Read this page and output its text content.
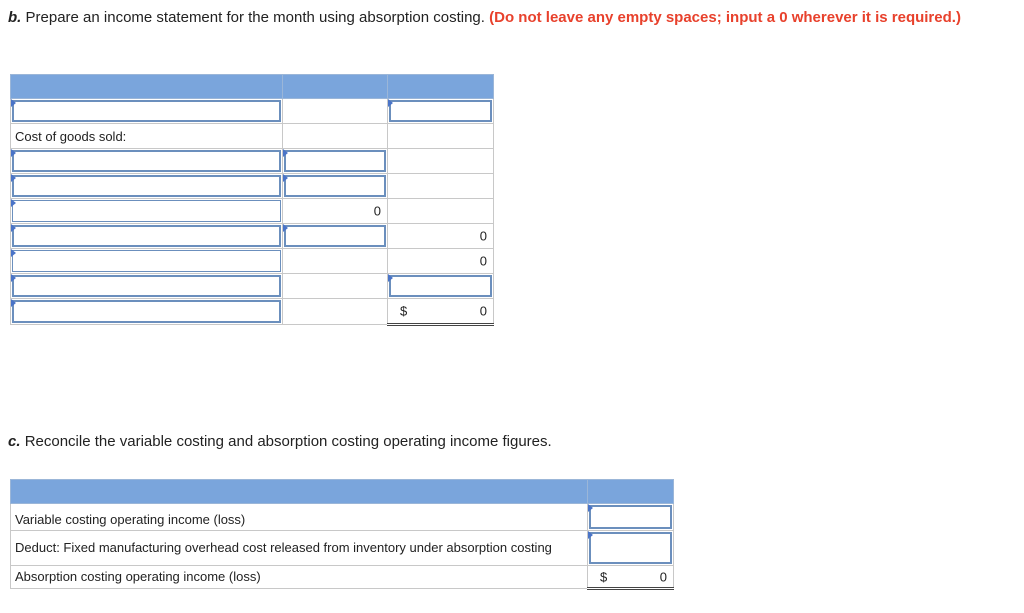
b. Prepare an income statement for the month using absorption costing. (Do not leave any empty spaces; input a 0 wherever it is required.)

Cost of goods sold:		

	0	

		0

		0

		$ 0
c. Reconcile the variable costing and absorption costing operating income figures.

Variable costing operating income (loss)	

Deduct: Fixed manufacturing overhead cost released from inventory under absorption costing	

Absorption costing operating income (loss)	$ 0
